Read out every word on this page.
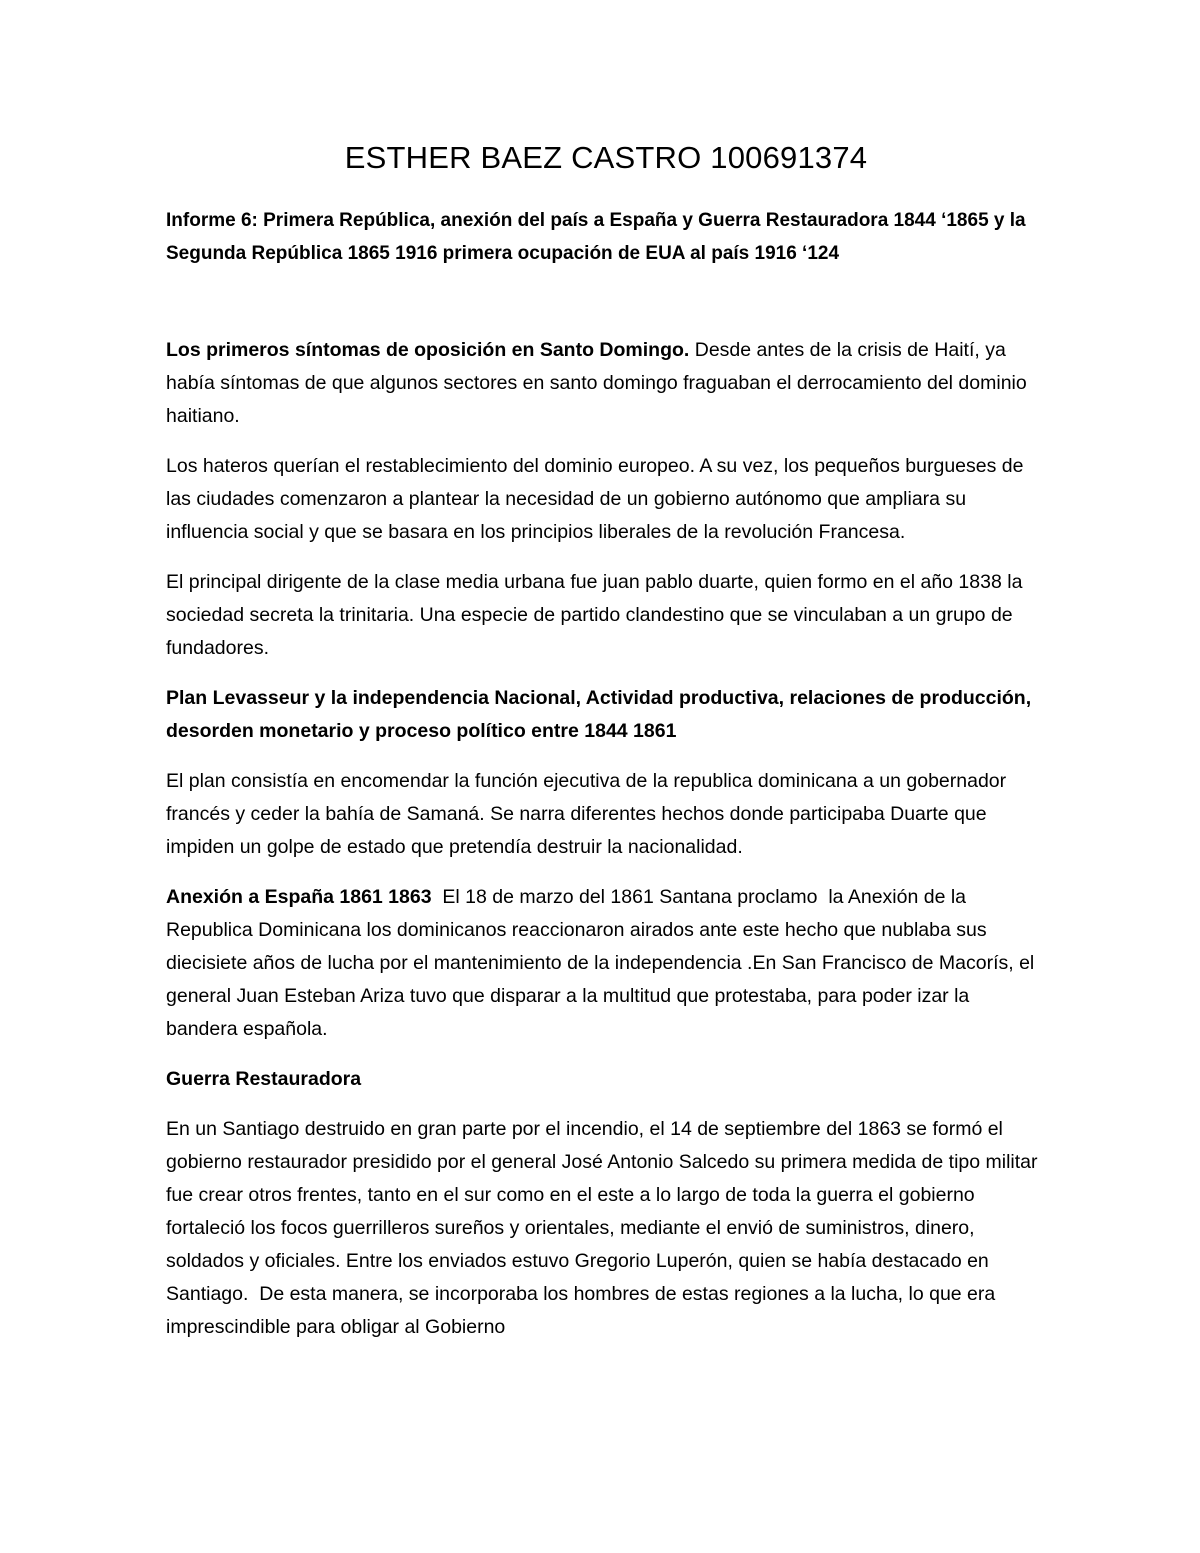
ESTHER BAEZ CASTRO 100691374
Informe 6: Primera República, anexión del país a España y Guerra Restauradora 1844 ‘1865 y la Segunda República 1865 1916 primera ocupación de EUA al país 1916 ‘124

Los primeros síntomas de oposición en Santo Domingo. Desde antes de la crisis de Haití, ya había síntomas de que algunos sectores en santo domingo fraguaban el derrocamiento del dominio haitiano.

Los hateros querían el restablecimiento del dominio europeo. A su vez, los pequeños burgueses de las ciudades comenzaron a plantear la necesidad de un gobierno autónomo que ampliara su influencia social y que se basara en los principios liberales de la revolución Francesa.

El principal dirigente de la clase media urbana fue juan pablo duarte, quien formo en el año 1838 la sociedad secreta la trinitaria. Una especie de partido clandestino que se vinculaban a un grupo de fundadores.

Plan Levasseur y la independencia Nacional, Actividad productiva, relaciones de producción, desorden monetario y proceso político entre 1844 1861

El plan consistía en encomendar la función ejecutiva de la republica dominicana a un gobernador francés y ceder la bahía de Samaná. Se narra diferentes hechos donde participaba Duarte que impiden un golpe de estado que pretendía destruir la nacionalidad.

Anexión a España 1861 1863  El 18 de marzo del 1861 Santana proclamo  la Anexión de la Republica Dominicana los dominicanos reaccionaron airados ante este hecho que nublaba sus diecisiete años de lucha por el mantenimiento de la independencia .En San Francisco de Macorís, el general Juan Esteban Ariza tuvo que disparar a la multitud que protestaba, para poder izar la bandera española.

Guerra Restauradora

En un Santiago destruido en gran parte por el incendio, el 14 de septiembre del 1863 se formó el gobierno restaurador presidido por el general José Antonio Salcedo su primera medida de tipo militar fue crear otros frentes, tanto en el sur como en el este a lo largo de toda la guerra el gobierno  fortaleció los focos guerrilleros sureños y orientales, mediante el envió de suministros, dinero, soldados y oficiales. Entre los enviados estuvo Gregorio Luperón, quien se había destacado en Santiago.  De esta manera, se incorporaba los hombres de estas regiones a la lucha, lo que era imprescindible para obligar al Gobierno
